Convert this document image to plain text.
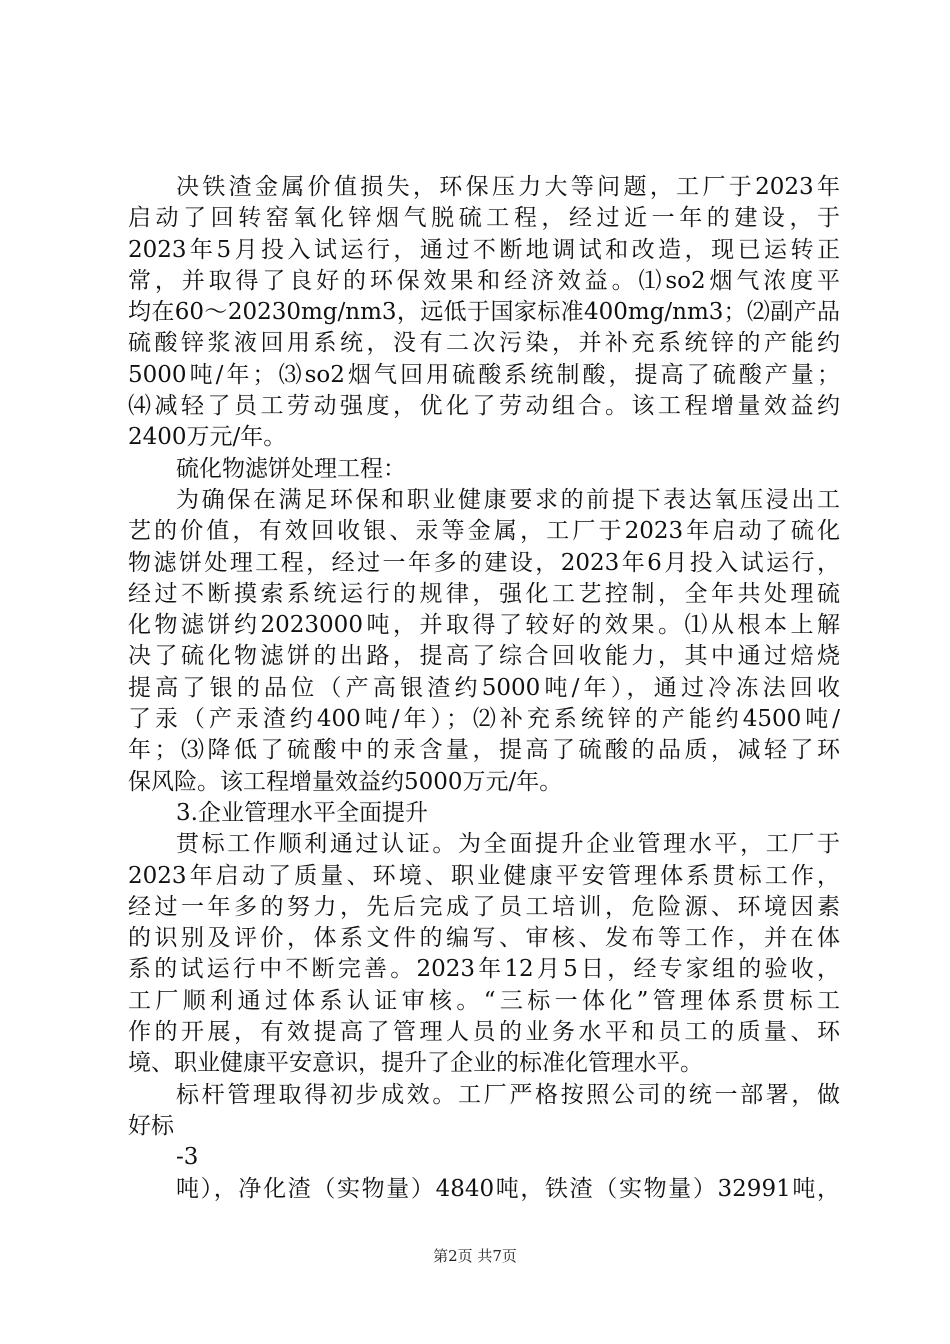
决铁渣金属价值损失，环保压力大等问题，工厂于2023年
启动了回转窑氧化锌烟气脱硫工程，经过近一年的建设，于
2023年5月投入试运行，通过不断地调试和改造，现已运转正
常，并取得了良好的环保效果和经济效益。⑴so2烟气浓度平
均在60～20230mg/nm3，远低于国家标准400mg/nm3；⑵副产品
硫酸锌浆液回用系统，没有二次污染，并补充系统锌的产能约
5000吨/年；⑶so2烟气回用硫酸系统制酸，提高了硫酸产量；
⑷减轻了员工劳动强度，优化了劳动组合。该工程增量效益约
2400万元/年。
硫化物滤饼处理工程：
为确保在满足环保和职业健康要求的前提下表达氧压浸出工
艺的价值，有效回收银、汞等金属，工厂于2023年启动了硫化
物滤饼处理工程，经过一年多的建设，2023年6月投入试运行，
经过不断摸索系统运行的规律，强化工艺控制，全年共处理硫
化物滤饼约2023000吨，并取得了较好的效果。⑴从根本上解
决了硫化物滤饼的出路，提高了综合回收能力，其中通过焙烧
提高了银的品位（产高银渣约5000吨/年），通过冷冻法回收
了汞（产汞渣约400吨/年）；⑵补充系统锌的产能约4500吨/
年；⑶降低了硫酸中的汞含量，提高了硫酸的品质，减轻了环
保风险。该工程增量效益约5000万元/年。
3.企业管理水平全面提升
贯标工作顺利通过认证。为全面提升企业管理水平，工厂于
2023年启动了质量、环境、职业健康平安管理体系贯标工作，
经过一年多的努力，先后完成了员工培训，危险源、环境因素
的识别及评价，体系文件的编写、审核、发布等工作，并在体
系的试运行中不断完善。2023年12月5日，经专家组的验收，
工厂顺利通过体系认证审核。“三标一体化”管理体系贯标工
作的开展，有效提高了管理人员的业务水平和员工的质量、环
境、职业健康平安意识，提升了企业的标准化管理水平。
标杆管理取得初步成效。工厂严格按照公司的统一部署，做
好标
-3
吨），净化渣（实物量）4840吨，铁渣（实物量）32991吨，
第2页 共7页
